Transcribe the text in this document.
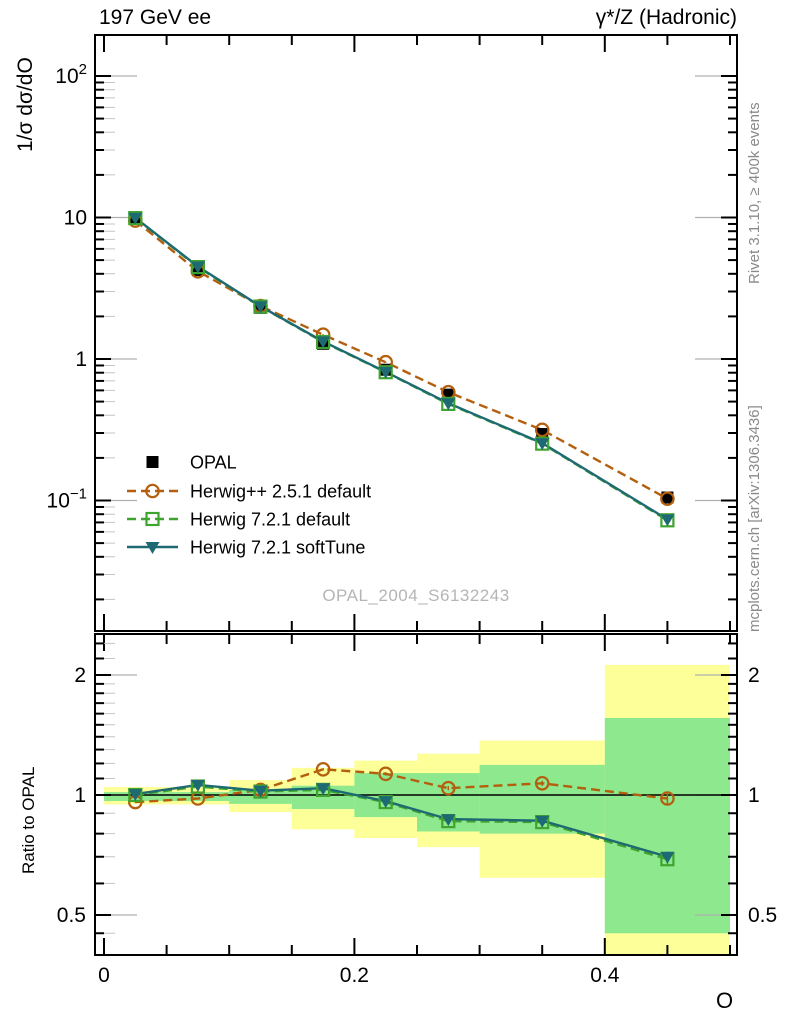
$10^2$
10
1
$10^{-1}$
2	2
1	1
0.5	0.5
0	0.2	0.4
OPAL
Herwig++ 2.5.1 default
Herwig 7.2.1 default
Herwig 7.2.1 softTune
197 GeV ee	γ*/Z (Hadronic)
1/σ dσ/dO
Ratio to OPAL
Rivet 3.1.10, ≥ 400k events
mcplots.cern.ch [arXiv:1306.3436]
OPAL_2004_S6132243
O
